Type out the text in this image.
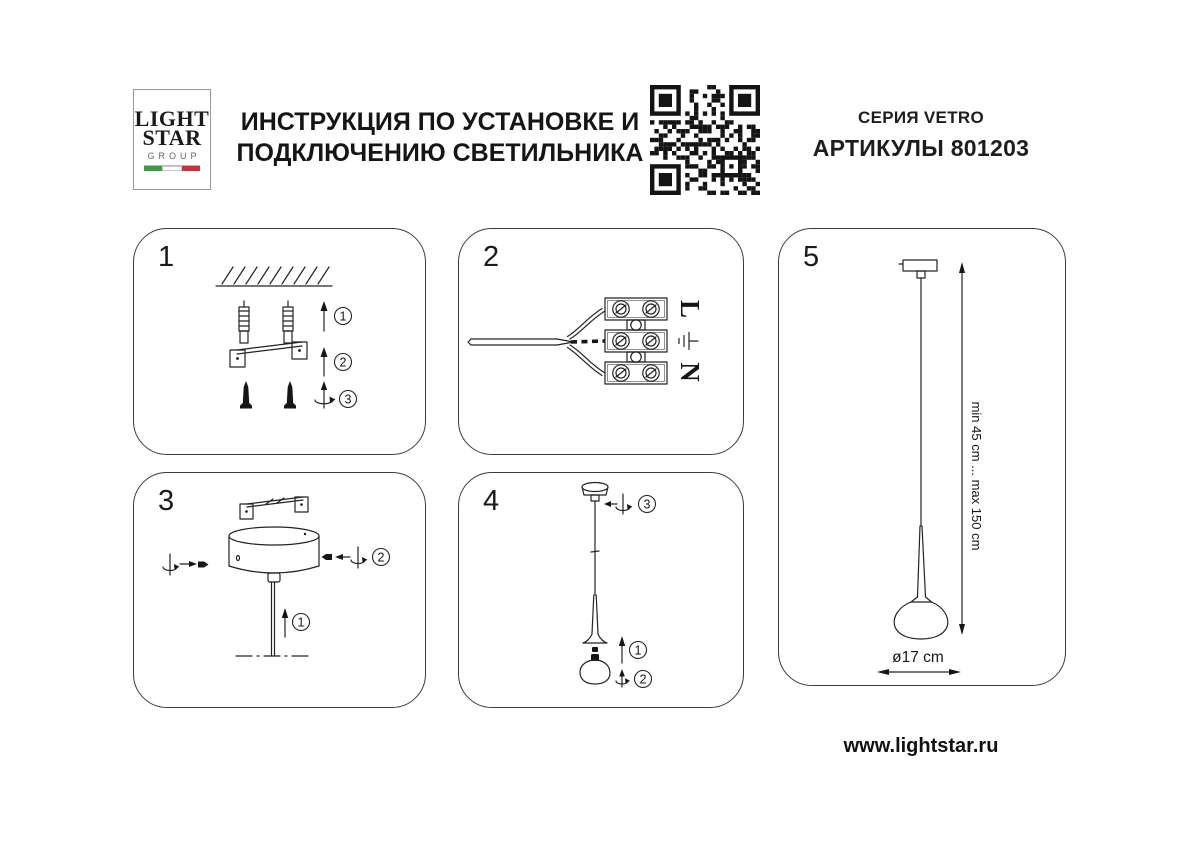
LIGHT
STAR
GROUP
ИНСТРУКЦИЯ ПО УСТАНОВКЕ И
ПОДКЛЮЧЕНИЮ СВЕТИЛЬНИКА
СЕРИЯ VETRO
АРТИКУЛЫ 801203
1
1
2
3
2
L
N
3
2
1
4	3
1
2
5
min 45 cm ... max 150 cm
ø17 cm
www.lightstar.ru
